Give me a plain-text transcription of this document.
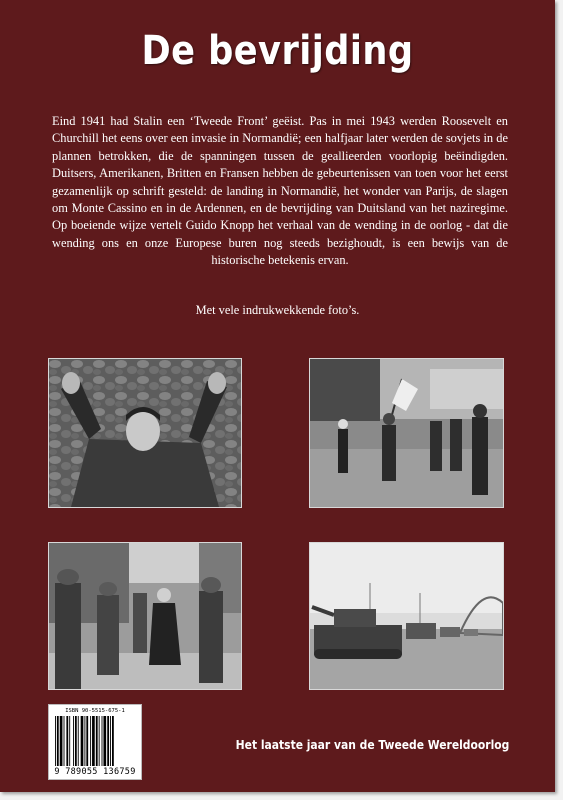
De bevrijding

Eind 1941 had Stalin een ‘Tweede Front’ geëist. Pas in mei 1943 werden Roosevelt en Churchill het eens over een invasie in Normandië; een halfjaar later werden de sovjets in de plannen betrokken, die de spanningen tussen de geallieerden voorlopig beëindigden. Duitsers, Amerikanen, Britten en Fransen hebben de gebeurtenissen van toen voor het eerst gezamenlijk op schrift gesteld: de landing in Normandië, het wonder van Parijs, de slagen om Monte Cassino en in de Ardennen, en de bevrijding van Duitsland van het naziregime. Op boeiende wijze vertelt Guido Knopp het verhaal van de wending in de oorlog - dat die wending ons en onze Europese buren nog steeds bezighoudt, is een bewijs van de historische betekenis ervan.

Met vele indrukwekkende foto’s.
ISBN 90-5515-675-1
9 789055 136759
Het laatste jaar van de Tweede Wereldoorlog
